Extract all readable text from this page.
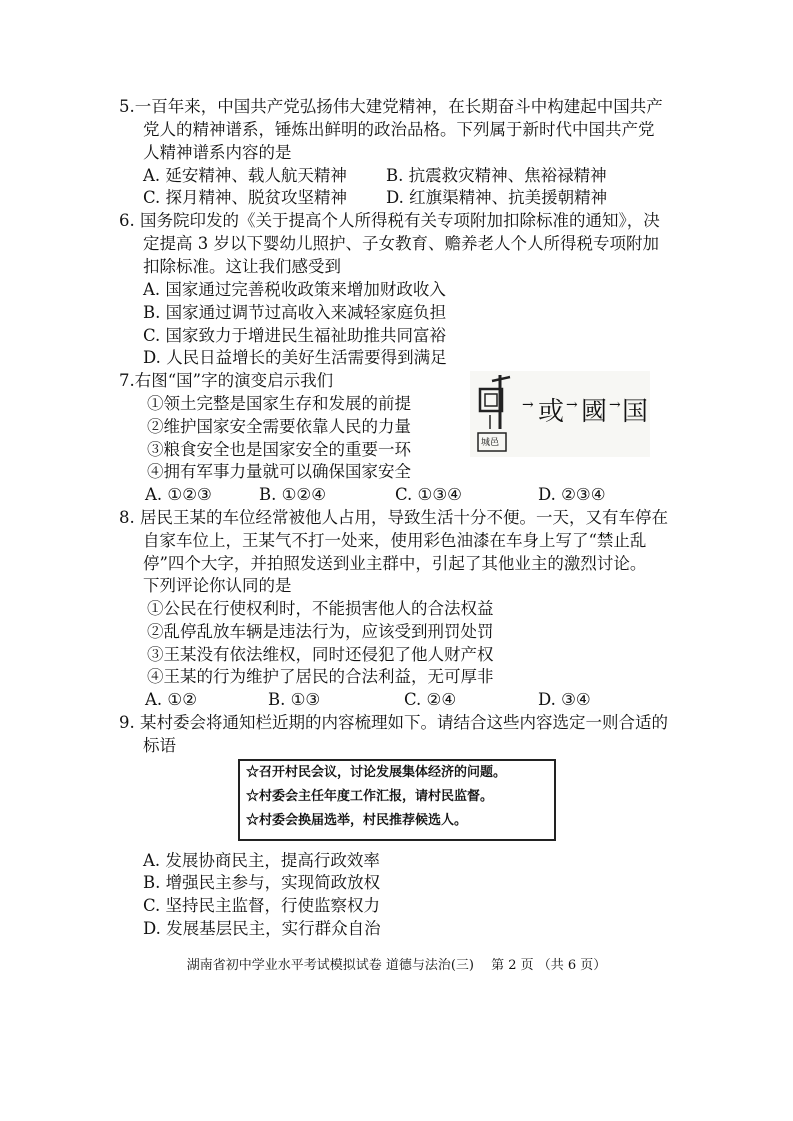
5.一百年来，中国共产党弘扬伟大建党精神，在长期奋斗中构建起中国共产
党人的精神谱系，锤炼出鲜明的政治品格。下列属于新时代中国共产党
人精神谱系内容的是
A. 延安精神、载人航天精神 B. 抗震救灾精神、焦裕禄精神
C. 探月精神、脱贫攻坚精神 D. 红旗渠精神、抗美援朝精神
6. 国务院印发的《关于提高个人所得税有关专项附加扣除标准的通知》，决
定提高 3 岁以下婴幼儿照护、子女教育、赡养老人个人所得税专项附加
扣除标准。这让我们感受到
A. 国家通过完善税收政策来增加财政收入
B. 国家通过调节过高收入来减轻家庭负担
C. 国家致力于增进民生福祉助推共同富裕
D. 人民日益增长的美好生活需要得到满足
7.右图“国”字的演变启示我们
①领土完整是国家生存和发展的前提
②维护国家安全需要依靠人民的力量
③粮食安全也是国家安全的重要一环
④拥有军事力量就可以确保国家安全
A. ①②③	B. ①②④	C. ①③④	D. ②③④
城邑
→ 或 → 國 → 国
8. 居民王某的车位经常被他人占用，导致生活十分不便。一天，又有车停在
自家车位上，王某气不打一处来，使用彩色油漆在车身上写了“禁止乱
停”四个大字，并拍照发送到业主群中，引起了其他业主的激烈讨论。
下列评论你认同的是
①公民在行使权利时，不能损害他人的合法权益
②乱停乱放车辆是违法行为，应该受到刑罚处罚
③王某没有依法维权，同时还侵犯了他人财产权
④王某的行为维护了居民的合法利益，无可厚非
A. ①②	B. ①③	C. ②④	D. ③④
9. 某村委会将通知栏近期的内容梳理如下。请结合这些内容选定一则合适的
标语
☆召开村民会议，讨论发展集体经济的问题。
☆村委会主任年度工作汇报，请村民监督。
☆村委会换届选举，村民推荐候选人。
A. 发展协商民主，提高行政效率
B. 增强民主参与，实现简政放权
C. 坚持民主监督，行使监察权力
D. 发展基层民主，实行群众自治
湖南省初中学业水平考试模拟试卷 道德与法治(三)　 第 2 页 （共 6 页）
